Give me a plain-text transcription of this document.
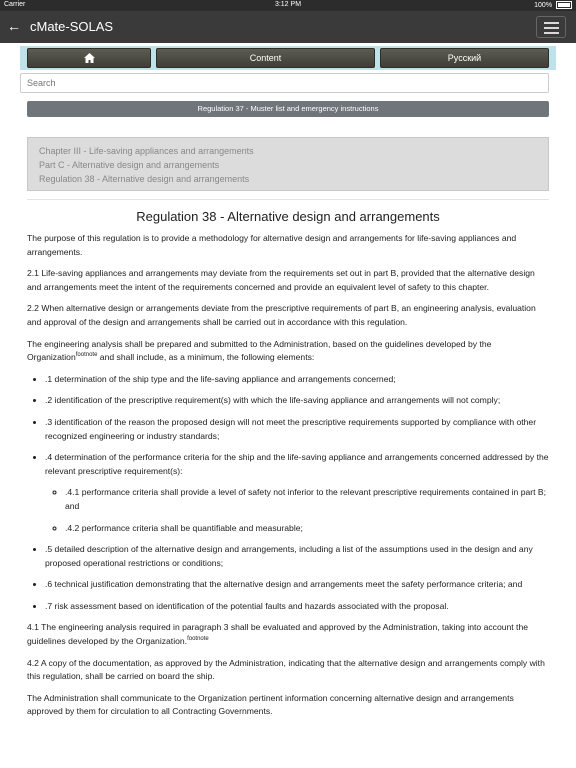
Carrier	3:12 PM	100%
← cMate-SOLAS
Content	Русский
Search
Regulation 37 - Muster list and emergency instructions
Chapter III - Life-saving appliances and arrangements
Part C - Alternative design and arrangements
Regulation 38 - Alternative design and arrangements
Regulation 38 - Alternative design and arrangements

The purpose of this regulation is to provide a methodology for alternative design and arrangements for life-saving appliances and arrangements.

2.1 Life-saving appliances and arrangements may deviate from the requirements set out in part B, provided that the alternative design and arrangements meet the intent of the requirements concerned and provide an equivalent level of safety to this chapter.

2.2 When alternative design or arrangements deviate from the prescriptive requirements of part B, an engineering analysis, evaluation and approval of the design and arrangements shall be carried out in accordance with this regulation.

The engineering analysis shall be prepared and submitted to the Administration, based on the guidelines developed by the Organization$^{footnote}$ and shall include, as a minimum, the following elements:

• .1 determination of the ship type and the life-saving appliance and arrangements concerned;
• .2 identification of the prescriptive requirement(s) with which the life-saving appliance and arrangements will not comply;
• .3 identification of the reason the proposed design will not meet the prescriptive requirements supported by compliance with other recognized engineering or industry standards;
• .4 determination of the performance criteria for the ship and the life-saving appliance and arrangements concerned addressed by the relevant prescriptive requirement(s):
◦ .4.1 performance criteria shall provide a level of safety not inferior to the relevant prescriptive requirements contained in part B; and
◦ .4.2 performance criteria shall be quantifiable and measurable;
• .5 detailed description of the alternative design and arrangements, including a list of the assumptions used in the design and any proposed operational restrictions or conditions;
• .6 technical justification demonstrating that the alternative design and arrangements meet the safety performance criteria; and
• .7 risk assessment based on identification of the potential faults and hazards associated with the proposal.

4.1 The engineering analysis required in paragraph 3 shall be evaluated and approved by the Administration, taking into account the guidelines developed by the Organization.$^{footnote}$

4.2 A copy of the documentation, as approved by the Administration, indicating that the alternative design and arrangements comply with this regulation, shall be carried on board the ship.

The Administration shall communicate to the Organization pertinent information concerning alternative design and arrangements approved by them for circulation to all Contracting Governments.
